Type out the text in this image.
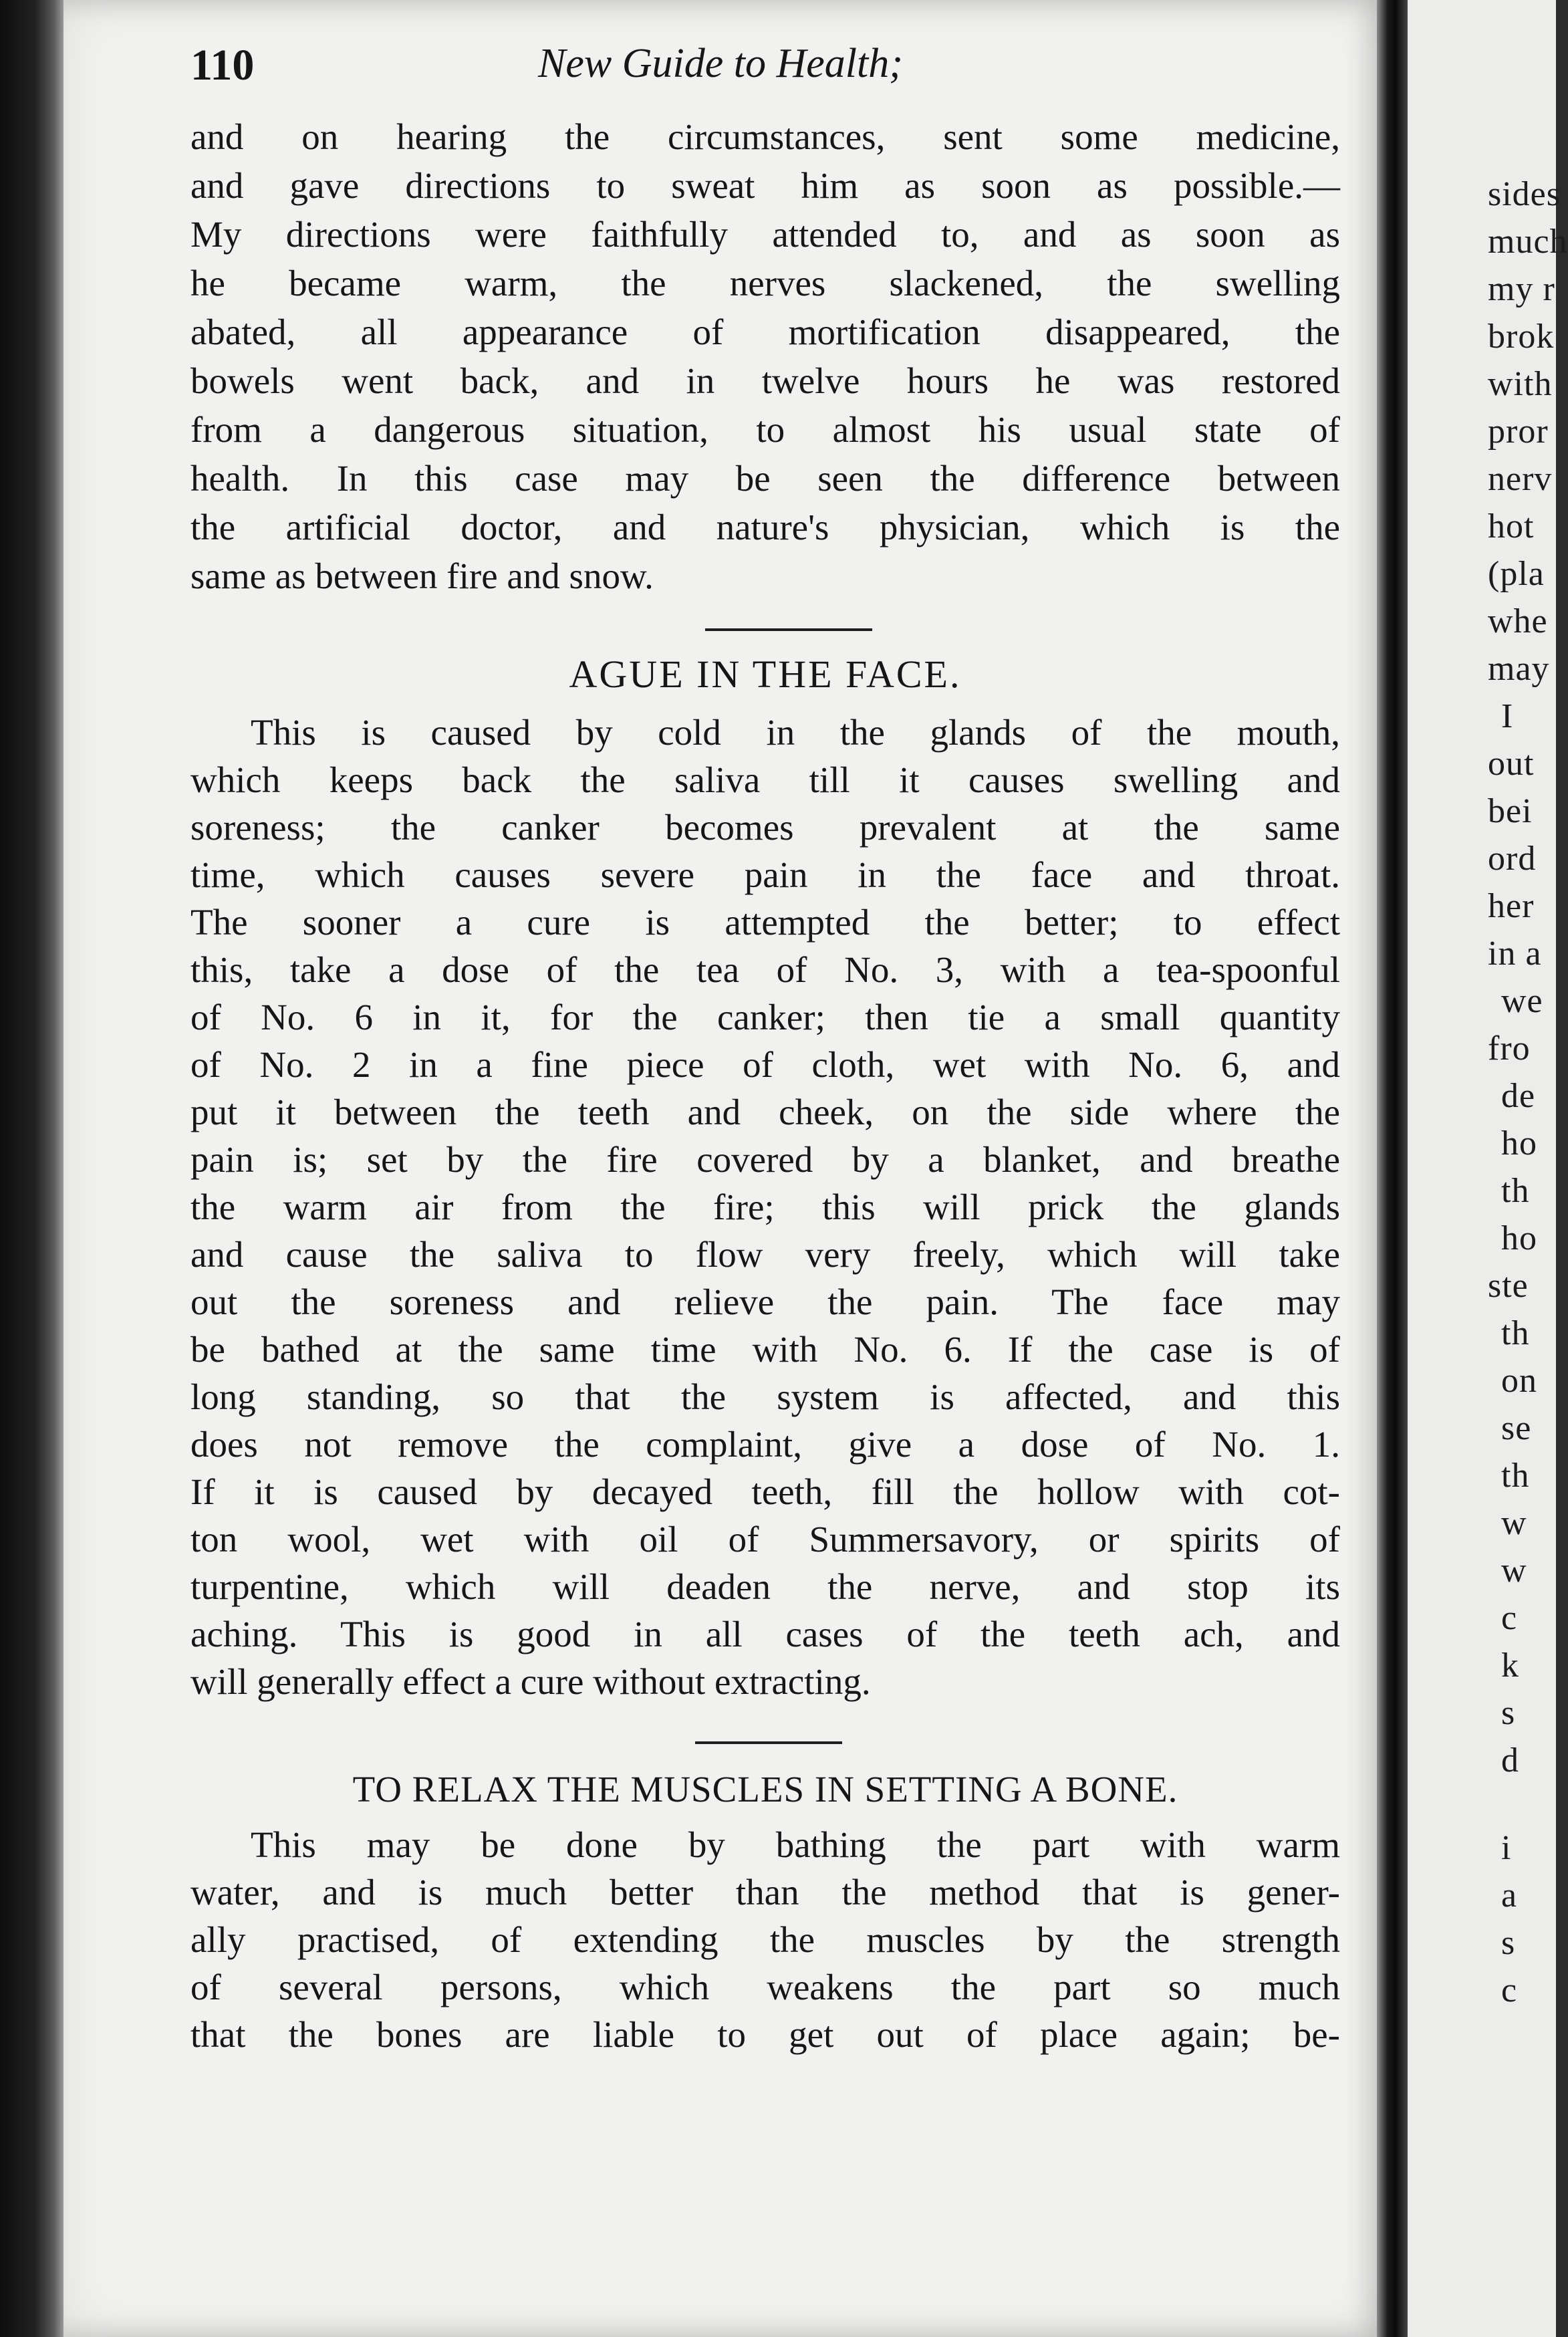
sides
much
my r
brok
with
pror
nerv
hot
(pla
whe
may
I
out
bei
ord
her
in a
we
fro
de
ho
th
ho
ste
th
on
se
th
w
w
c
k
s
d
i
a
s
c
110	New Guide to Health;
and on hearing the circumstances, sent some medicine,
and gave directions to sweat him as soon as possible.—
My directions were faithfully attended to, and as soon as
he became warm, the nerves slackened, the swelling
abated, all appearance of mortification disappeared, the
bowels went back, and in twelve hours he was restored
from a dangerous situation, to almost his usual state of
health. In this case may be seen the difference between
the artificial doctor, and nature's physician, which is the
same as between fire and snow.
AGUE IN THE FACE.
This is caused by cold in the glands of the mouth,
which keeps back the saliva till it causes swelling and
soreness; the canker becomes prevalent at the same
time, which causes severe pain in the face and throat.
The sooner a cure is attempted the better; to effect
this, take a dose of the tea of No. 3, with a tea-spoonful
of No. 6 in it, for the canker; then tie a small quantity
of No. 2 in a fine piece of cloth, wet with No. 6, and
put it between the teeth and cheek, on the side where the
pain is; set by the fire covered by a blanket, and breathe
the warm air from the fire; this will prick the glands
and cause the saliva to flow very freely, which will take
out the soreness and relieve the pain. The face may
be bathed at the same time with No. 6. If the case is of
long standing, so that the system is affected, and this
does not remove the complaint, give a dose of No. 1.
If it is caused by decayed teeth, fill the hollow with cot-
ton wool, wet with oil of Summersavory, or spirits of
turpentine, which will deaden the nerve, and stop its
aching. This is good in all cases of the teeth ach, and
will generally effect a cure without extracting.
TO RELAX THE MUSCLES IN SETTING A BONE.
This may be done by bathing the part with warm
water, and is much better than the method that is gener-
ally practised, of extending the muscles by the strength
of several persons, which weakens the part so much
that the bones are liable to get out of place again; be-
